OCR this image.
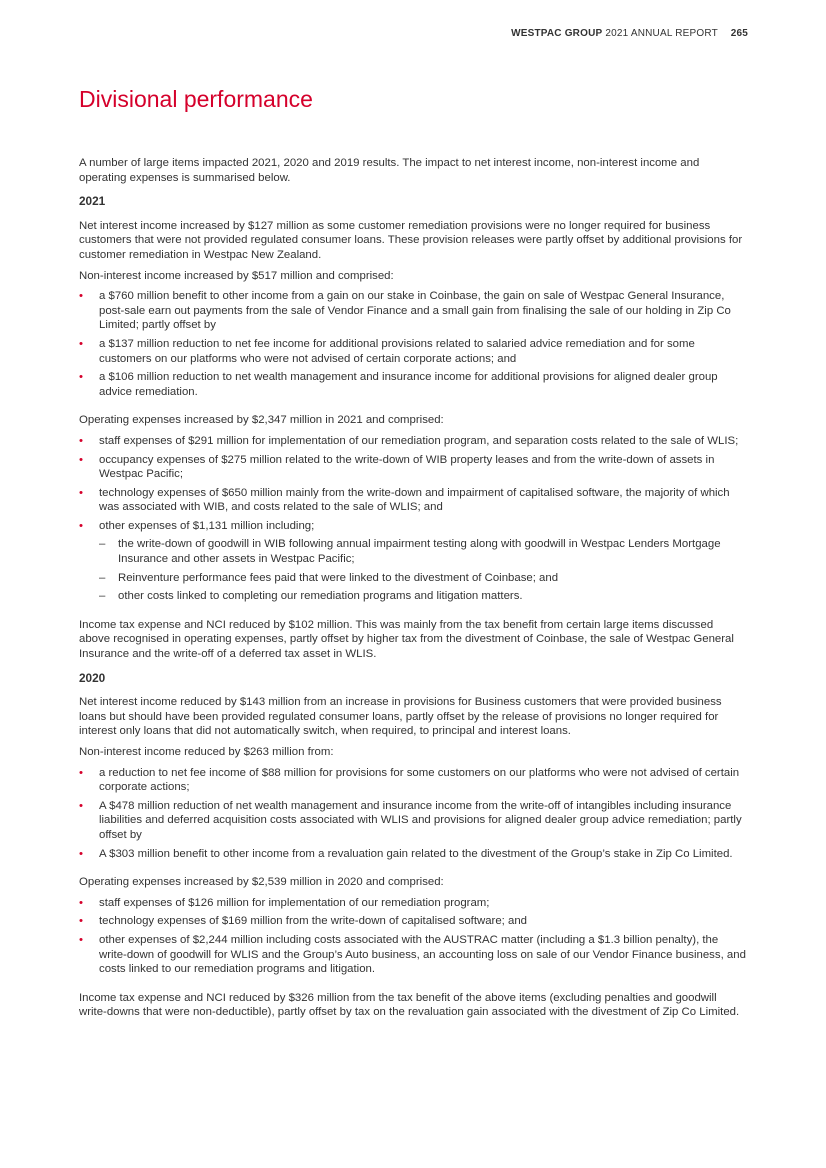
WESTPAC GROUP 2021 ANNUAL REPORT 265
Divisional performance

A number of large items impacted 2021, 2020 and 2019 results. The impact to net interest income, non-interest income and operating expenses is summarised below.

2021

Net interest income increased by $127 million as some customer remediation provisions were no longer required for business customers that were not provided regulated consumer loans. These provision releases were partly offset by additional provisions for customer remediation in Westpac New Zealand.

Non-interest income increased by $517 million and comprised:

• a $760 million benefit to other income from a gain on our stake in Coinbase, the gain on sale of Westpac General Insurance, post-sale earn out payments from the sale of Vendor Finance and a small gain from finalising the sale of our holding in Zip Co Limited; partly offset by
• a $137 million reduction to net fee income for additional provisions related to salaried advice remediation and for some customers on our platforms who were not advised of certain corporate actions; and
• a $106 million reduction to net wealth management and insurance income for additional provisions for aligned dealer group advice remediation.

Operating expenses increased by $2,347 million in 2021 and comprised:

• staff expenses of $291 million for implementation of our remediation program, and separation costs related to the sale of WLIS;
• occupancy expenses of $275 million related to the write-down of WIB property leases and from the write-down of assets in Westpac Pacific;
• technology expenses of $650 million mainly from the write-down and impairment of capitalised software, the majority of which was associated with WIB, and costs related to the sale of WLIS; and
• other expenses of $1,131 million including;
– the write-down of goodwill in WIB following annual impairment testing along with goodwill in Westpac Lenders Mortgage Insurance and other assets in Westpac Pacific;
– Reinventure performance fees paid that were linked to the divestment of Coinbase; and
– other costs linked to completing our remediation programs and litigation matters.

Income tax expense and NCI reduced by $102 million. This was mainly from the tax benefit from certain large items discussed above recognised in operating expenses, partly offset by higher tax from the divestment of Coinbase, the sale of Westpac General Insurance and the write-off of a deferred tax asset in WLIS.

2020

Net interest income reduced by $143 million from an increase in provisions for Business customers that were provided business loans but should have been provided regulated consumer loans, partly offset by the release of provisions no longer required for interest only loans that did not automatically switch, when required, to principal and interest loans.

Non-interest income reduced by $263 million from:

• a reduction to net fee income of $88 million for provisions for some customers on our platforms who were not advised of certain corporate actions;
• A $478 million reduction of net wealth management and insurance income from the write-off of intangibles including insurance liabilities and deferred acquisition costs associated with WLIS and provisions for aligned dealer group advice remediation; partly offset by
• A $303 million benefit to other income from a revaluation gain related to the divestment of the Group’s stake in Zip Co Limited.

Operating expenses increased by $2,539 million in 2020 and comprised:

• staff expenses of $126 million for implementation of our remediation program;
• technology expenses of $169 million from the write-down of capitalised software; and
• other expenses of $2,244 million including costs associated with the AUSTRAC matter (including a $1.3 billion penalty), the write-down of goodwill for WLIS and the Group’s Auto business, an accounting loss on sale of our Vendor Finance business, and costs linked to our remediation programs and litigation.

Income tax expense and NCI reduced by $326 million from the tax benefit of the above items (excluding penalties and goodwill write-downs that were non-deductible), partly offset by tax on the revaluation gain associated with the divestment of Zip Co Limited.
